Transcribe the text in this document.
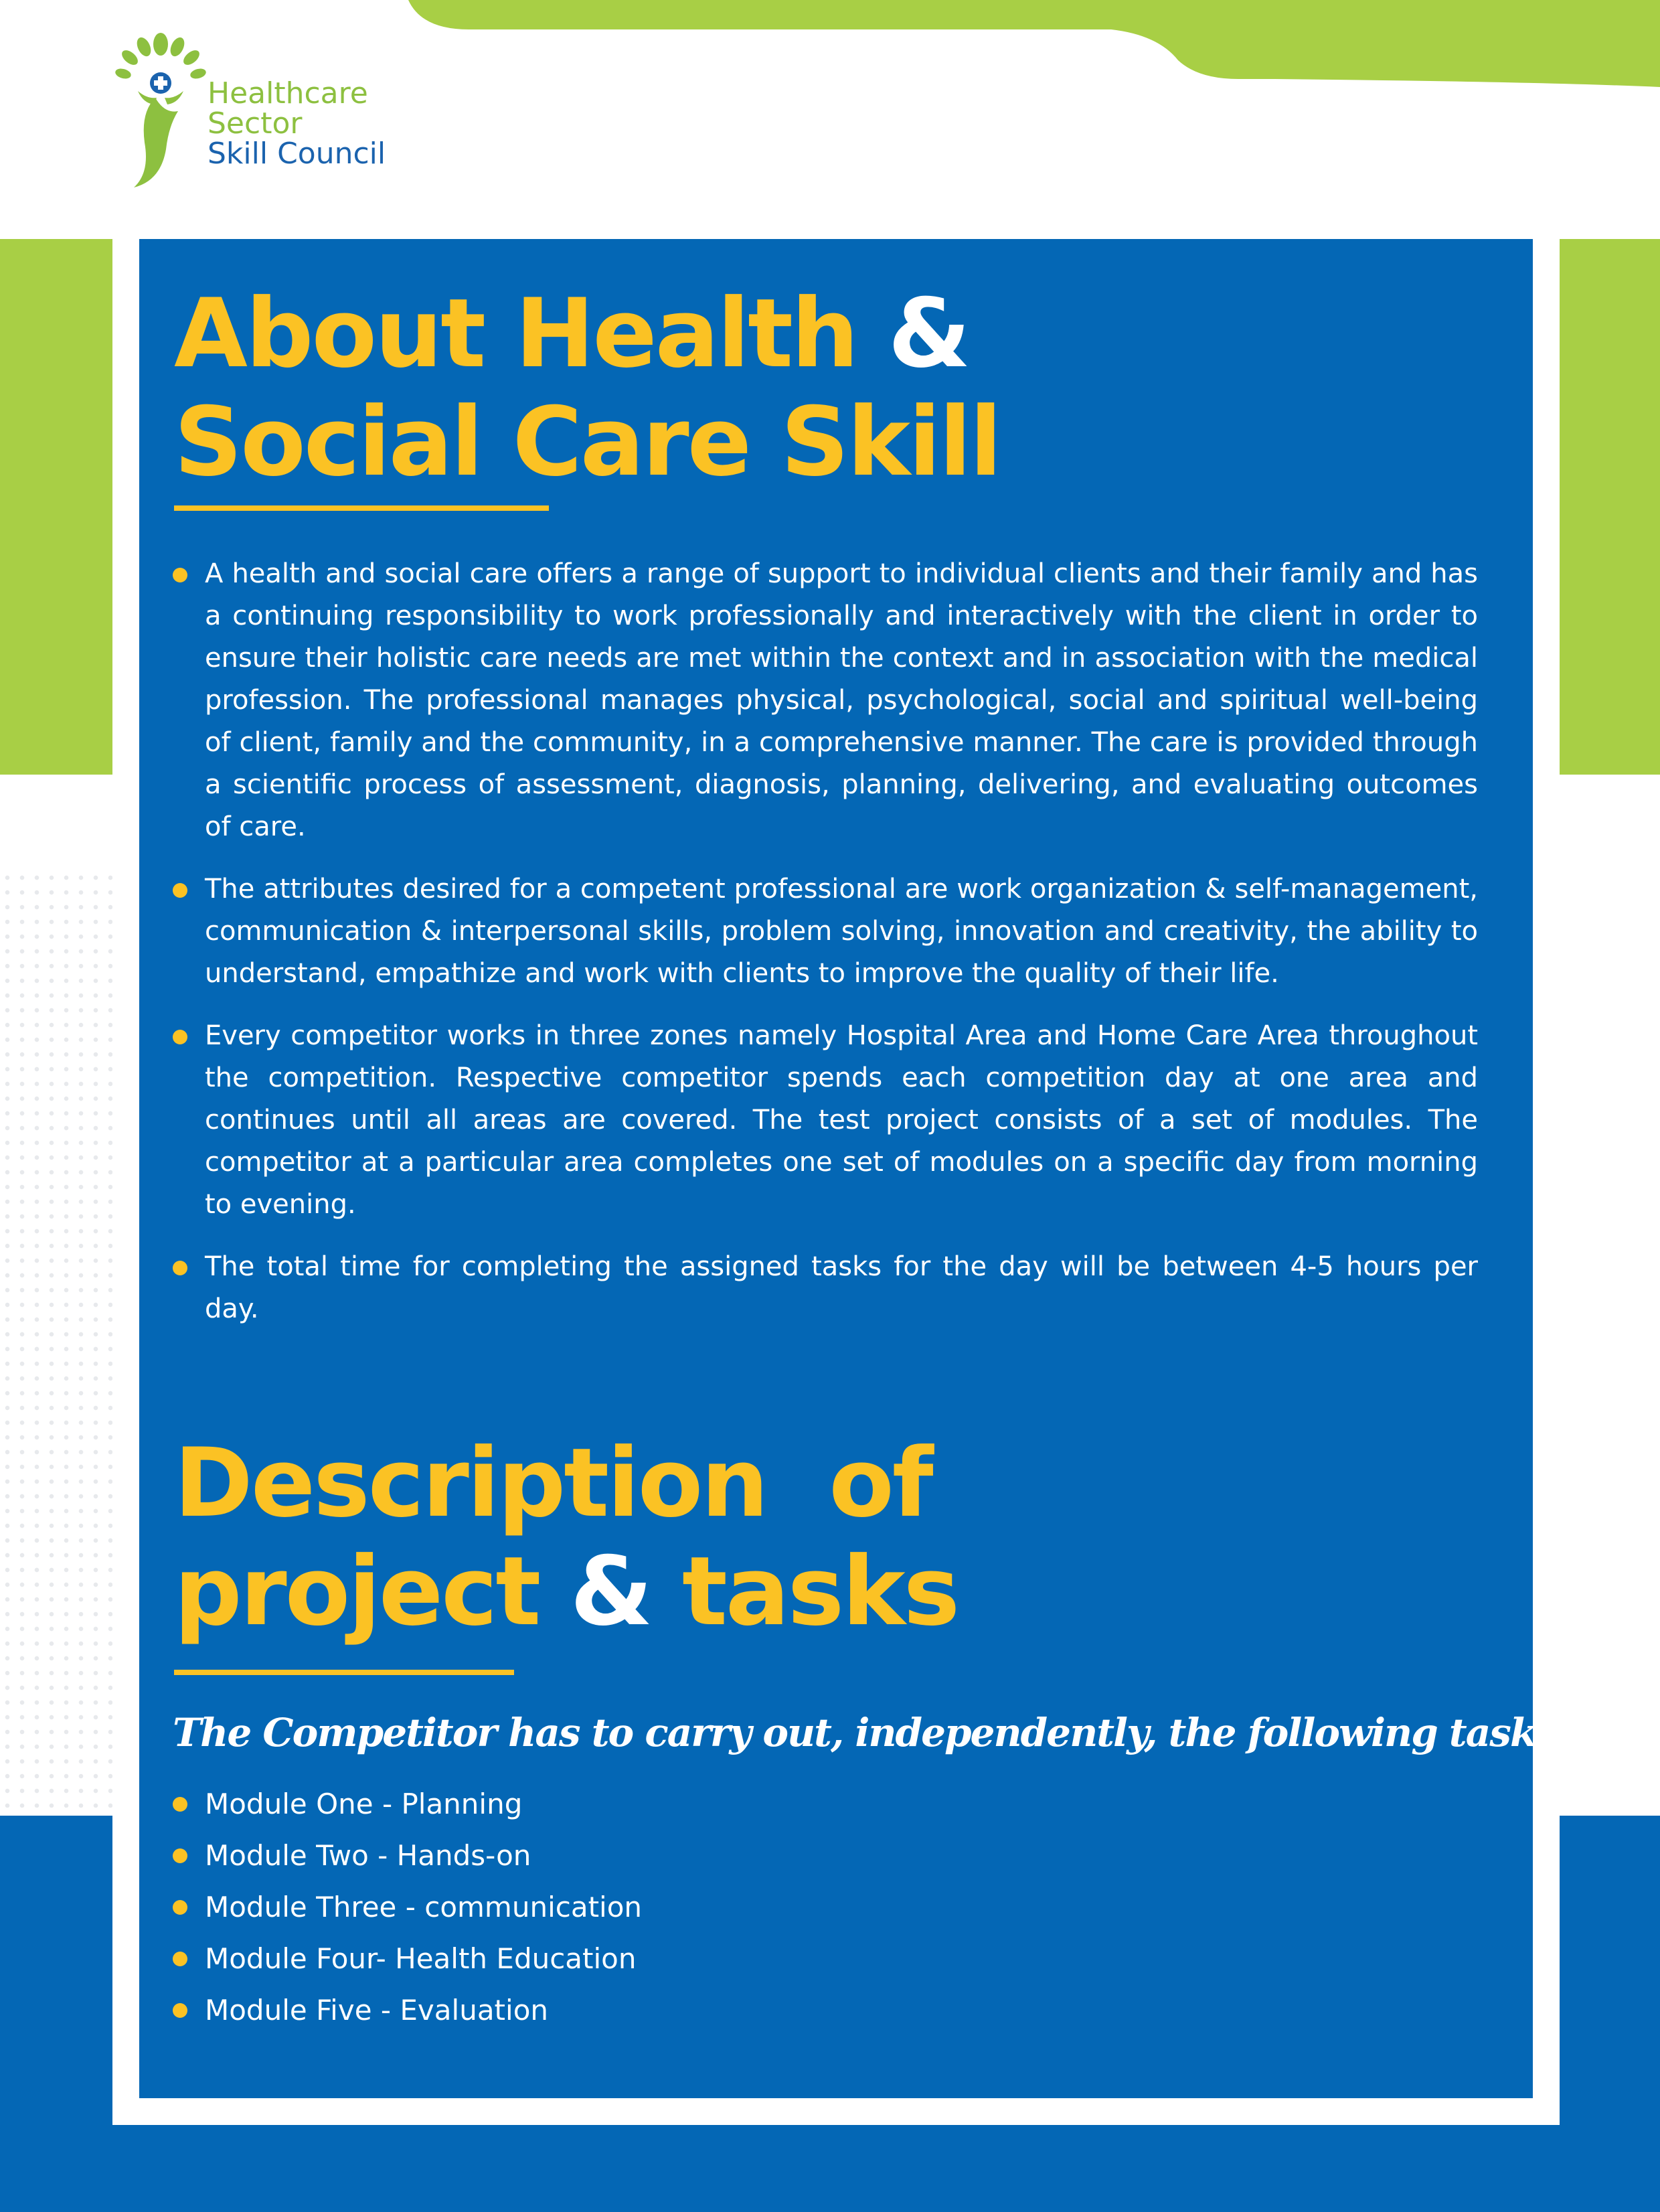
Healthcare
Sector
Skill Council
About Health &
Social Care Skill
A health and social care offers a range of support to individual clients and their family and has a continuing responsibility to work professionally and interactively with the client in order to ensure their holistic care needs are met within the context and in association with the medical profession. The professional manages physical, psychological, social and spiritual well-being of client, family and the community, in a comprehensive manner. The care is provided through a scientific process of assessment, diagnosis, planning, delivering, and evaluating outcomes of care.
The attributes desired for a competent professional are work organization & self-management, communication & interpersonal skills, problem solving, innovation and creativity, the ability to understand, empathize and work with clients to improve the quality of their life.
Every competitor works in three zones namely Hospital Area and Home Care Area throughout the competition. Respective competitor spends each competition day at one area and continues until all areas are covered. The test project consists of a set of modules. The competitor at a particular area completes one set of modules on a specific day from morning to evening.
The total time for completing the assigned tasks for the day will be between 4-5 hours per day.
Description  of
project & tasks

The Competitor has to carry out, independently, the following tasks:

Module One - Planning
Module Two - Hands-on
Module Three - communication
Module Four- Health Education
Module Five - Evaluation
